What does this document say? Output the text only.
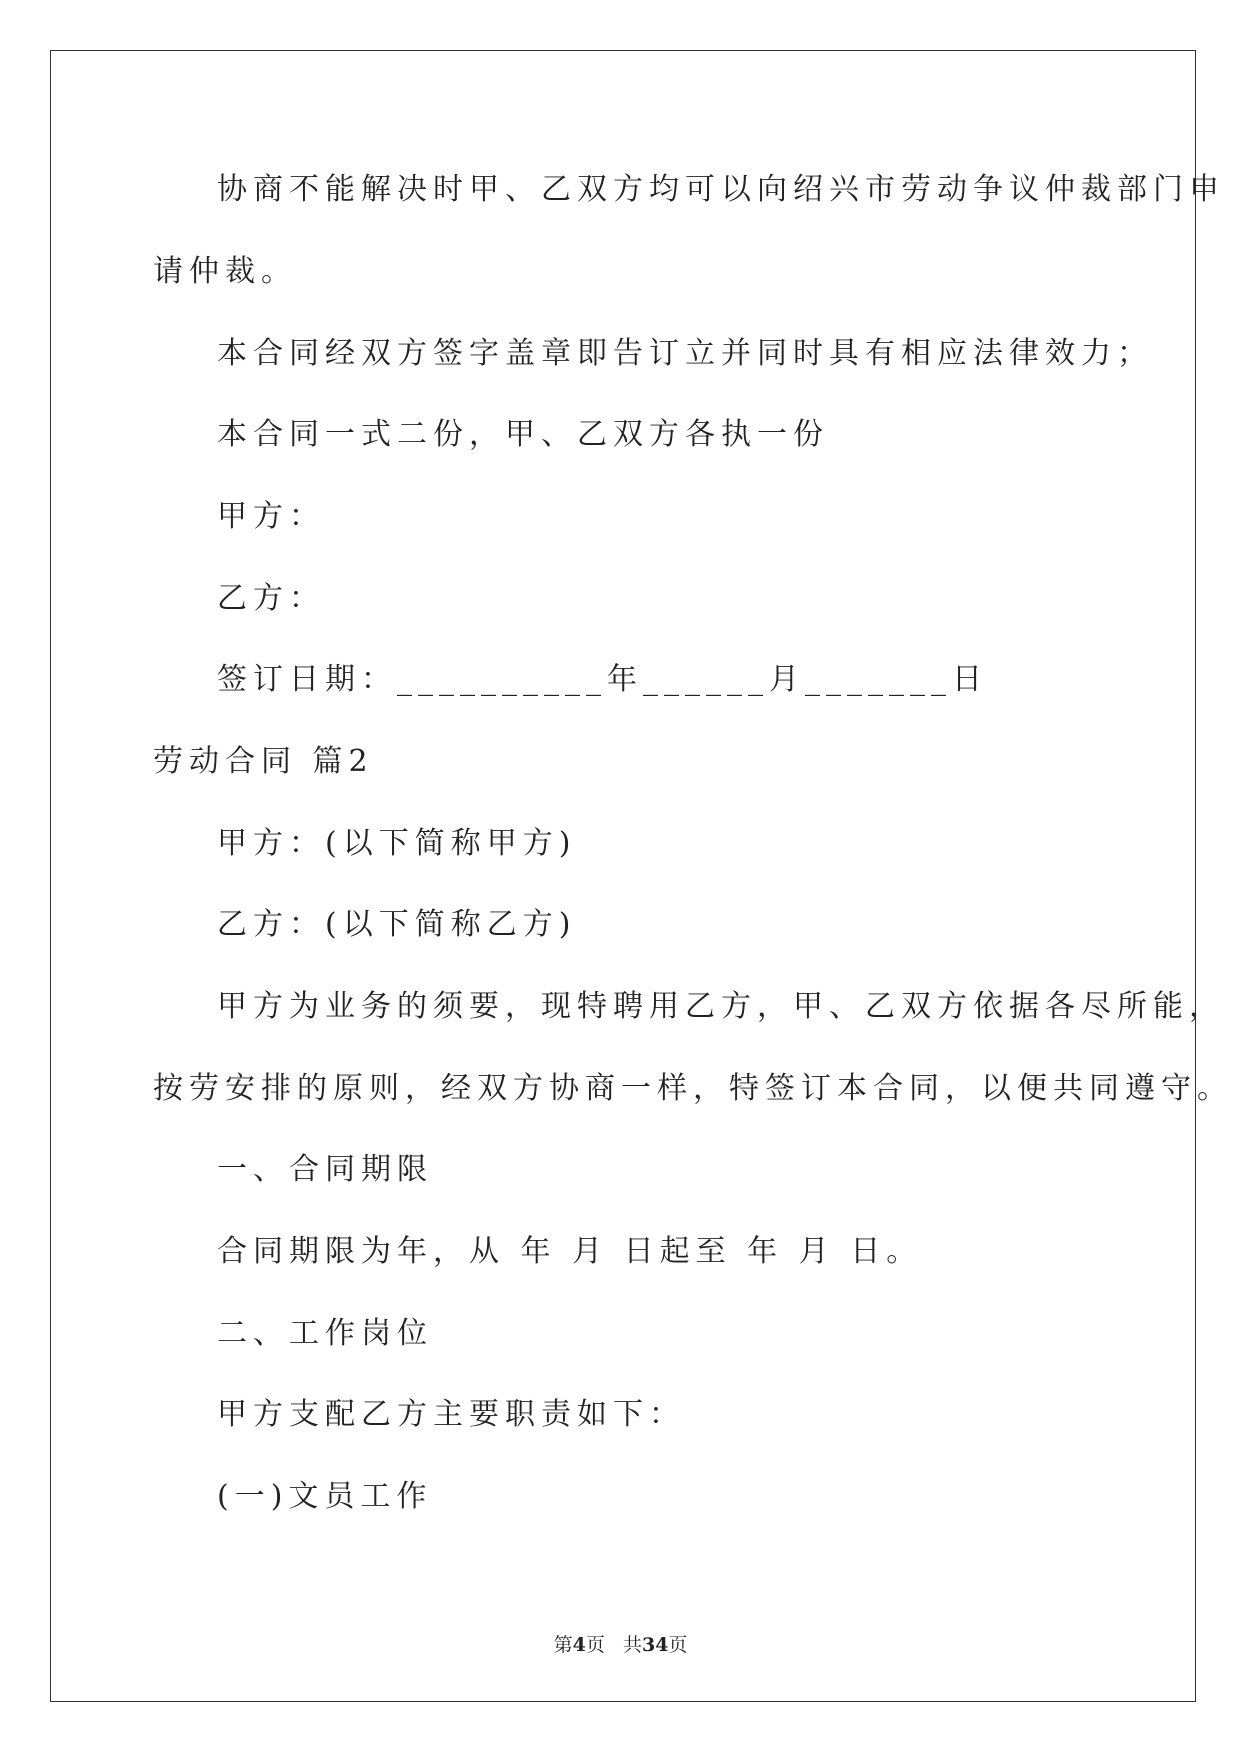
协商不能解决时甲、乙双方均可以向绍兴市劳动争议仲裁部门申
请仲裁。
本合同经双方签字盖章即告订立并同时具有相应法律效力；
本合同一式二份，甲、乙双方各执一份
甲方：
乙方：
签订日期：__________年______月_______日
劳动合同 篇2
甲方：(以下简称甲方)
乙方：(以下简称乙方)
甲方为业务的须要，现特聘用乙方，甲、乙双方依据各尽所能，
按劳安排的原则，经双方协商一样，特签订本合同，以便共同遵守。
一、合同期限
合同期限为年，从 年 月 日起至 年 月 日。
二、工作岗位
甲方支配乙方主要职责如下：
(一)文员工作
第4页 共34页
